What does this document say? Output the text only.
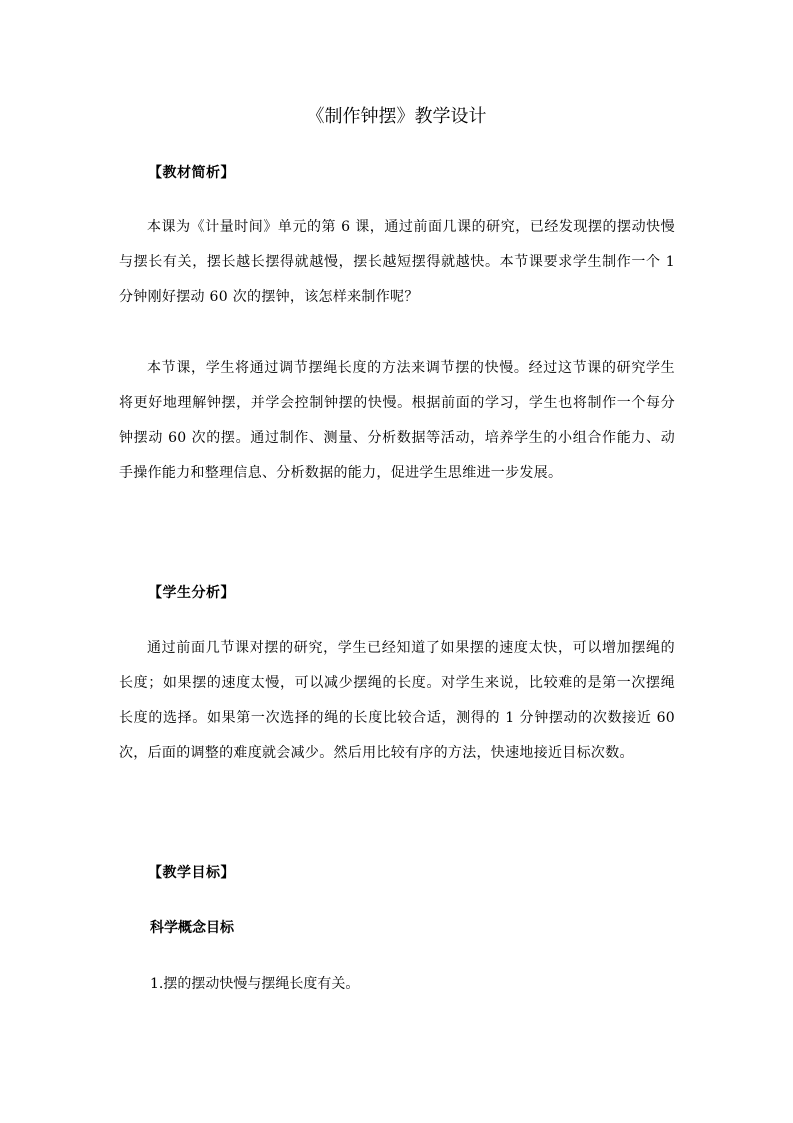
《制作钟摆》教学设计
【教材简析】

本课为《计量时间》单元的第 6 课，通过前面几课的研究，已经发现摆的摆动快慢与摆长有关，摆长越长摆得就越慢，摆长越短摆得就越快。本节课要求学生制作一个 1 分钟刚好摆动 60 次的摆钟，该怎样来制作呢？

本节课，学生将通过调节摆绳长度的方法来调节摆的快慢。经过这节课的研究学生将更好地理解钟摆，并学会控制钟摆的快慢。根据前面的学习，学生也将制作一个每分钟摆动 60 次的摆。通过制作、测量、分析数据等活动，培养学生的小组合作能力、动手操作能力和整理信息、分析数据的能力，促进学生思维进一步发展。

【学生分析】

通过前面几节课对摆的研究，学生已经知道了如果摆的速度太快，可以增加摆绳的长度；如果摆的速度太慢，可以减少摆绳的长度。对学生来说，比较难的是第一次摆绳长度的选择。如果第一次选择的绳的长度比较合适，测得的 1 分钟摆动的次数接近 60 次，后面的调整的难度就会减少。然后用比较有序的方法，快速地接近目标次数。

【教学目标】
科学概念目标

1.摆的摆动快慢与摆绳长度有关。
